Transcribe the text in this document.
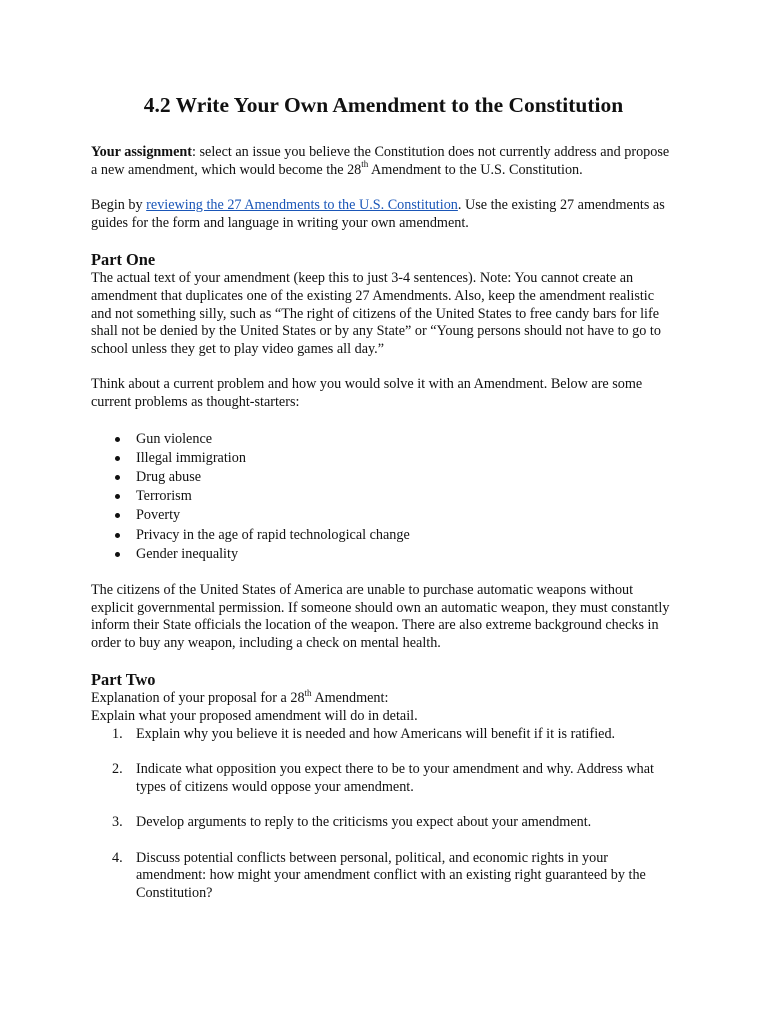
4.2 Write Your Own Amendment to the Constitution

Your assignment: select an issue you believe the Constitution does not currently address and propose a new amendment, which would become the 28th Amendment to the U.S. Constitution.

Begin by reviewing the 27 Amendments to the U.S. Constitution. Use the existing 27 amendments as guides for the form and language in writing your own amendment.

Part One

The actual text of your amendment (keep this to just 3-4 sentences). Note: You cannot create an amendment that duplicates one of the existing 27 Amendments. Also, keep the amendment realistic and not something silly, such as “The right of citizens of the United States to free candy bars for life shall not be denied by the United States or by any State” or “Young persons should not have to go to school unless they get to play video games all day.”

Think about a current problem and how you would solve it with an Amendment. Below are some current problems as thought-starters:

Gun violence
Illegal immigration
Drug abuse
Terrorism
Poverty
Privacy in the age of rapid technological change
Gender inequality

The citizens of the United States of America are unable to purchase automatic weapons without explicit governmental permission. If someone should own an automatic weapon, they must constantly inform their State officials the location of the weapon. There are also extreme background checks in order to buy any weapon, including a check on mental health.

Part Two

Explanation of your proposal for a 28th Amendment:

Explain what your proposed amendment will do in detail.

1. Explain why you believe it is needed and how Americans will benefit if it is ratified.
2. Indicate what opposition you expect there to be to your amendment and why. Address what types of citizens would oppose your amendment.
3. Develop arguments to reply to the criticisms you expect about your amendment.
4. Discuss potential conflicts between personal, political, and economic rights in your amendment: how might your amendment conflict with an existing right guaranteed by the Constitution?
